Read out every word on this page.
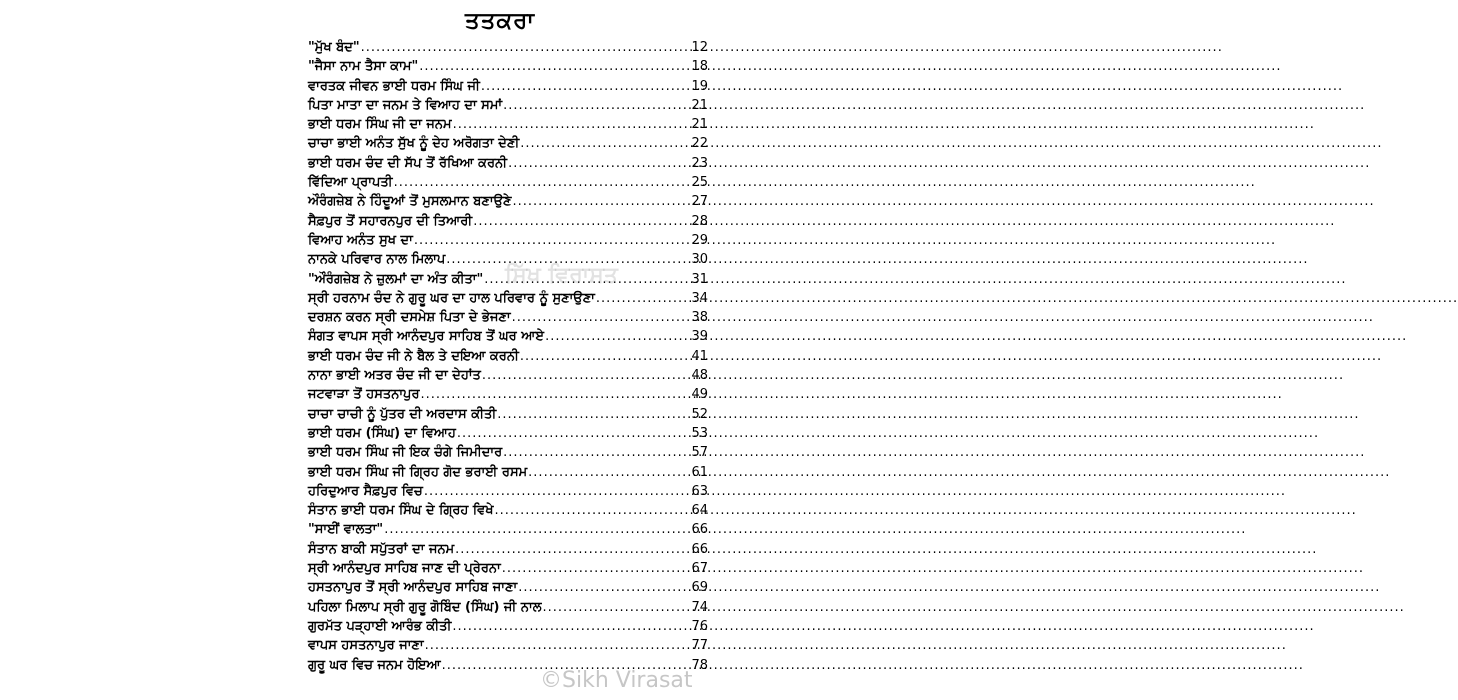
ਤਤਕਰਾ
"ਮੁੱਖ ਬੰਦ" .....	12
"ਜੈਸਾ ਨਾਮ ਤੈਸਾ ਕਾਮ" .....	18
ਵਾਰਤਕ ਜੀਵਨ ਭਾਈ ਧਰਮ ਸਿੰਘ ਜੀ .....	19
ਪਿਤਾ ਮਾਤਾ ਦਾ ਜਨਮ ਤੇ ਵਿਆਹ ਦਾ ਸਮਾਂ .....	21
ਭਾਈ ਧਰਮ ਸਿੰਘ ਜੀ ਦਾ ਜਨਮ .....	21
ਚਾਚਾ ਭਾਈ ਅਨੰਤ ਸੁੱਖ ਨੂੰ ਦੇਹ ਅਰੋਗਤਾ ਦੇਣੀ .....	22
ਭਾਈ ਧਰਮ ਚੰਦ ਦੀ ਸੱਪ ਤੋਂ ਰੱਖਿਆ ਕਰਨੀ .....	23
ਵਿੱਦਿਆ ਪ੍ਰਾਪਤੀ .....	25
ਔਰੰਗਜ਼ੇਬ ਨੇ ਹਿੰਦੂਆਂ ਤੋਂ ਮੁਸਲਮਾਨ ਬਣਾਉਣੇ .....	27
ਸੈਫ਼ਪੁਰ ਤੋਂ ਸਹਾਰਨਪੁਰ ਦੀ ਤਿਆਰੀ .....	28
ਵਿਆਹ ਅਨੰਤ ਸੁਖ ਦਾ .....	29
ਨਾਨਕੇ ਪਰਿਵਾਰ ਨਾਲ ਮਿਲਾਪ .....	30
"ਔਰੰਗਜ਼ੇਬ ਨੇ ਜ਼ੁਲਮਾਂ ਦਾ ਅੰਤ ਕੀਤਾ" .....	31
ਸ੍ਰੀ ਹਰਨਾਮ ਚੰਦ ਨੇ ਗੁਰੂ ਘਰ ਦਾ ਹਾਲ ਪਰਿਵਾਰ ਨੂੰ ਸੁਣਾਉਣਾ .....	34
ਦਰਸ਼ਨ ਕਰਨ ਸ੍ਰੀ ਦਸਮੇਸ਼ ਪਿਤਾ ਦੇ ਭੇਜਣਾ .....	38
ਸੰਗਤ ਵਾਪਸ ਸ੍ਰੀ ਆਨੰਦਪੁਰ ਸਾਹਿਬ ਤੋਂ ਘਰ ਆਏ .....	39
ਭਾਈ ਧਰਮ ਚੰਦ ਜੀ ਨੇ ਬੈਲ ਤੇ ਦਇਆ ਕਰਨੀ .....	41
ਨਾਨਾ ਭਾਈ ਅਤਰ ਚੰਦ ਜੀ ਦਾ ਦੇਹਾਂਤ .....	48
ਜਟਵਾੜਾ ਤੋਂ ਹਸਤਨਾਪੁਰ .....	49
ਚਾਚਾ ਚਾਚੀ ਨੂੰ ਪੁੱਤਰ ਦੀ ਅਰਦਾਸ ਕੀਤੀ .....	52
ਭਾਈ ਧਰਮ (ਸਿੰਘ) ਦਾ ਵਿਆਹ .....	53
ਭਾਈ ਧਰਮ ਸਿੰਘ ਜੀ ਇਕ ਚੰਗੇ ਜਿਮੀਦਾਰ .....	57
ਭਾਈ ਧਰਮ ਸਿੰਘ ਜੀ ਗ੍ਰਿਹ ਗੋਦ ਭਰਾਈ ਰਸਮ .....	61
ਹਰਿਦੁਆਰ ਸੈਫ਼ਪੁਰ ਵਿਚ .....	63
ਸੰਤਾਨ ਭਾਈ ਧਰਮ ਸਿੰਘ ਦੇ ਗ੍ਰਿਹ ਵਿਖੇ .....	64
"ਸਾਈਂ ਵਾਲਤਾ" .....	66
ਸੰਤਾਨ ਬਾਕੀ ਸਪੁੱਤਰਾਂ ਦਾ ਜਨਮ .....	66
ਸ੍ਰੀ ਆਨੰਦਪੁਰ ਸਾਹਿਬ ਜਾਣ ਦੀ ਪ੍ਰੇਰਨਾ .....	67
ਹਸਤਨਾਪੁਰ ਤੋਂ ਸ੍ਰੀ ਆਨੰਦਪੁਰ ਸਾਹਿਬ ਜਾਣਾ .....	69
ਪਹਿਲਾ ਮਿਲਾਪ ਸ੍ਰੀ ਗੁਰੂ ਗੋਬਿੰਦ (ਸਿੰਘ) ਜੀ ਨਾਲ .....	74
ਗੁਰਮੱਤ ਪੜ੍ਹਾਈ ਆਰੰਭ ਕੀਤੀ .....	76
ਵਾਪਸ ਹਸਤਨਾਪੁਰ ਜਾਣਾ .....	77
ਗੁਰੂ ਘਰ ਵਿਚ ਜਨਮ ਹੋਇਆ .....	78
ਸਿੱਖ ਵਿਰਾਸਤ
©Sikh Virasat
